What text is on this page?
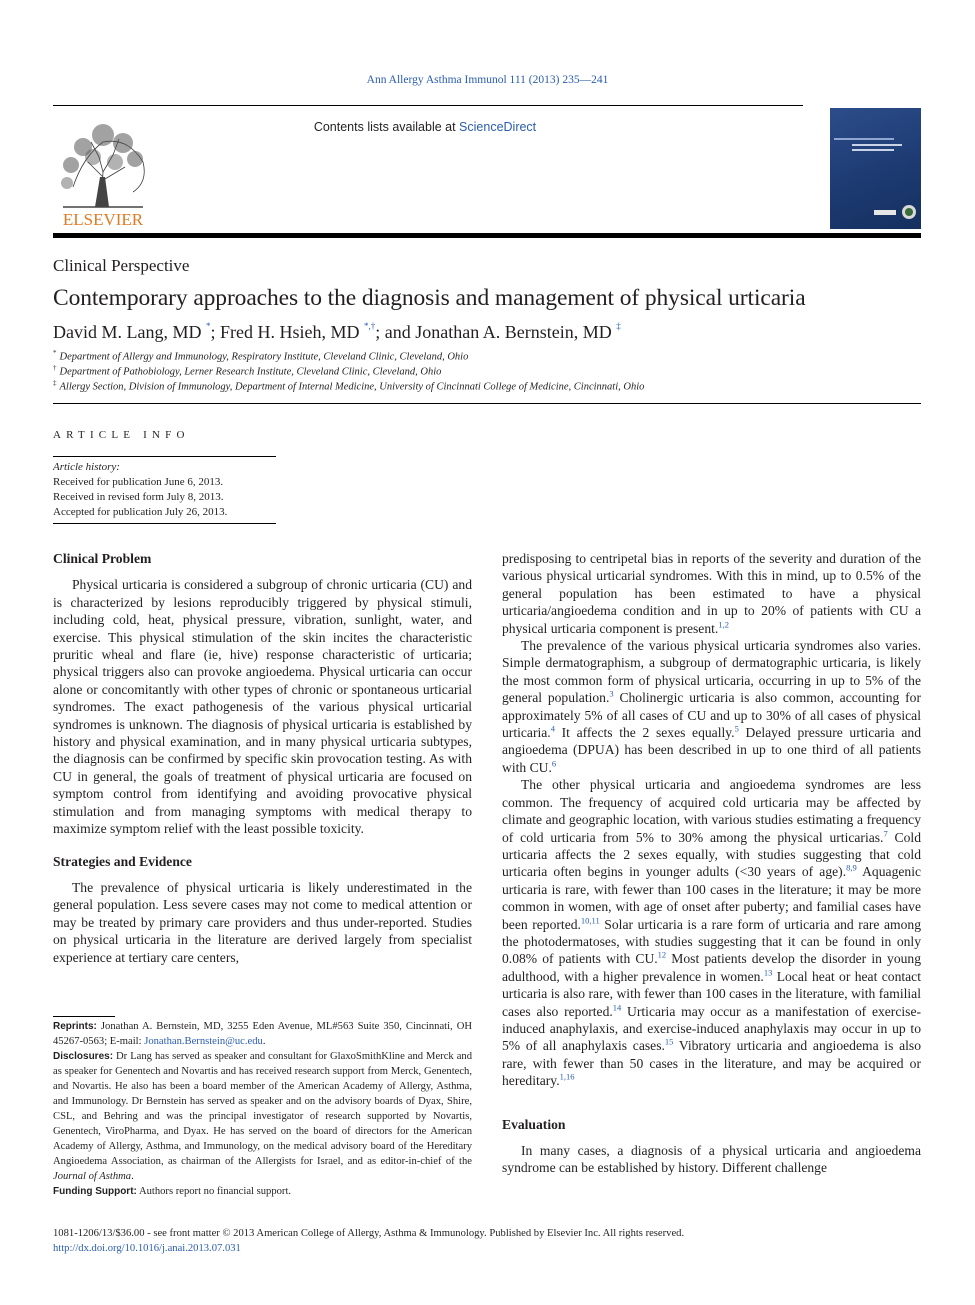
Ann Allergy Asthma Immunol 111 (2013) 235—241
ELSEVIER
Contents lists available at ScienceDirect
Clinical Perspective
Contemporary approaches to the diagnosis and management of physical urticaria
David M. Lang, MD *; Fred H. Hsieh, MD *,†; and Jonathan A. Bernstein, MD ‡
* Department of Allergy and Immunology, Respiratory Institute, Cleveland Clinic, Cleveland, Ohio
† Department of Pathobiology, Lerner Research Institute, Cleveland Clinic, Cleveland, Ohio
‡ Allergy Section, Division of Immunology, Department of Internal Medicine, University of Cincinnati College of Medicine, Cincinnati, Ohio
ARTICLE INFO
Article history:
Received for publication June 6, 2013.
Received in revised form July 8, 2013.
Accepted for publication July 26, 2013.
Clinical Problem

Physical urticaria is considered a subgroup of chronic urticaria (CU) and is characterized by lesions reproducibly triggered by physical stimuli, including cold, heat, physical pressure, vibration, sunlight, water, and exercise. This physical stimulation of the skin incites the characteristic pruritic wheal and flare (ie, hive) response characteristic of urticaria; physical triggers also can provoke angioedema. Physical urticaria can occur alone or concomitantly with other types of chronic or spontaneous urticarial syndromes. The exact pathogenesis of the various physical urticarial syndromes is unknown. The diagnosis of physical urticaria is established by history and physical examination, and in many physical urticaria subtypes, the diagnosis can be confirmed by specific skin provocation testing. As with CU in general, the goals of treatment of physical urticaria are focused on symptom control from identifying and avoiding provocative physical stimulation and from managing symptoms with medical therapy to maximize symptom relief with the least possible toxicity.

Strategies and Evidence

The prevalence of physical urticaria is likely underestimated in the general population. Less severe cases may not come to medical attention or may be treated by primary care providers and thus under-reported. Studies on physical urticaria in the literature are derived largely from specialist experience at tertiary care centers,

predisposing to centripetal bias in reports of the severity and duration of the various physical urticarial syndromes. With this in mind, up to 0.5% of the general population has been estimated to have a physical urticaria/angioedema condition and in up to 20% of patients with CU a physical urticaria component is present.$^{1,2}$

The prevalence of the various physical urticaria syndromes also varies. Simple dermatographism, a subgroup of dermatographic urticaria, is likely the most common form of physical urticaria, occurring in up to 5% of the general population.$^3$ Cholinergic urticaria is also common, accounting for approximately 5% of all cases of CU and up to 30% of all cases of physical urticaria.$^4$ It affects the 2 sexes equally.$^5$ Delayed pressure urticaria and angioedema (DPUA) has been described in up to one third of all patients with CU.$^6$

The other physical urticaria and angioedema syndromes are less common. The frequency of acquired cold urticaria may be affected by climate and geographic location, with various studies estimating a frequency of cold urticaria from 5% to 30% among the physical urticarias.$^7$ Cold urticaria affects the 2 sexes equally, with studies suggesting that cold urticaria often begins in younger adults (<30 years of age).$^{8,9}$ Aquagenic urticaria is rare, with fewer than 100 cases in the literature; it may be more common in women, with age of onset after puberty; and familial cases have been reported.$^{10,11}$ Solar urticaria is a rare form of urticaria and rare among the photodermatoses, with studies suggesting that it can be found in only 0.08% of patients with CU.$^{12}$ Most patients develop the disorder in young adulthood, with a higher prevalence in women.$^{13}$ Local heat or heat contact urticaria is also rare, with fewer than 100 cases in the literature, with familial cases also reported.$^{14}$ Urticaria may occur as a manifestation of exercise-induced anaphylaxis, and exercise-induced anaphylaxis may occur in up to 5% of all anaphylaxis cases.$^{15}$ Vibratory urticaria and angioedema is also rare, with fewer than 50 cases in the literature, and may be acquired or hereditary.$^{1,16}$

Evaluation

In many cases, a diagnosis of a physical urticaria and angioedema syndrome can be established by history. Different challenge

Reprints: Jonathan A. Bernstein, MD, 3255 Eden Avenue, ML#563 Suite 350, Cincinnati, OH 45267-0563; E-mail: Jonathan.Bernstein@uc.edu.

Disclosures: Dr Lang has served as speaker and consultant for GlaxoSmithKline and Merck and as speaker for Genentech and Novartis and has received research support from Merck, Genentech, and Novartis. He also has been a board member of the American Academy of Allergy, Asthma, and Immunology. Dr Bernstein has served as speaker and on the advisory boards of Dyax, Shire, CSL, and Behring and was the principal investigator of research supported by Novartis, Genentech, ViroPharma, and Dyax. He has served on the board of directors for the American Academy of Allergy, Asthma, and Immunology, on the medical advisory board of the Hereditary Angioedema Association, as chairman of the Allergists for Israel, and as editor-in-chief of the Journal of Asthma.

Funding Support: Authors report no financial support.

1081-1206/13/$36.00 - see front matter © 2013 American College of Allergy, Asthma & Immunology. Published by Elsevier Inc. All rights reserved.
http://dx.doi.org/10.1016/j.anai.2013.07.031
